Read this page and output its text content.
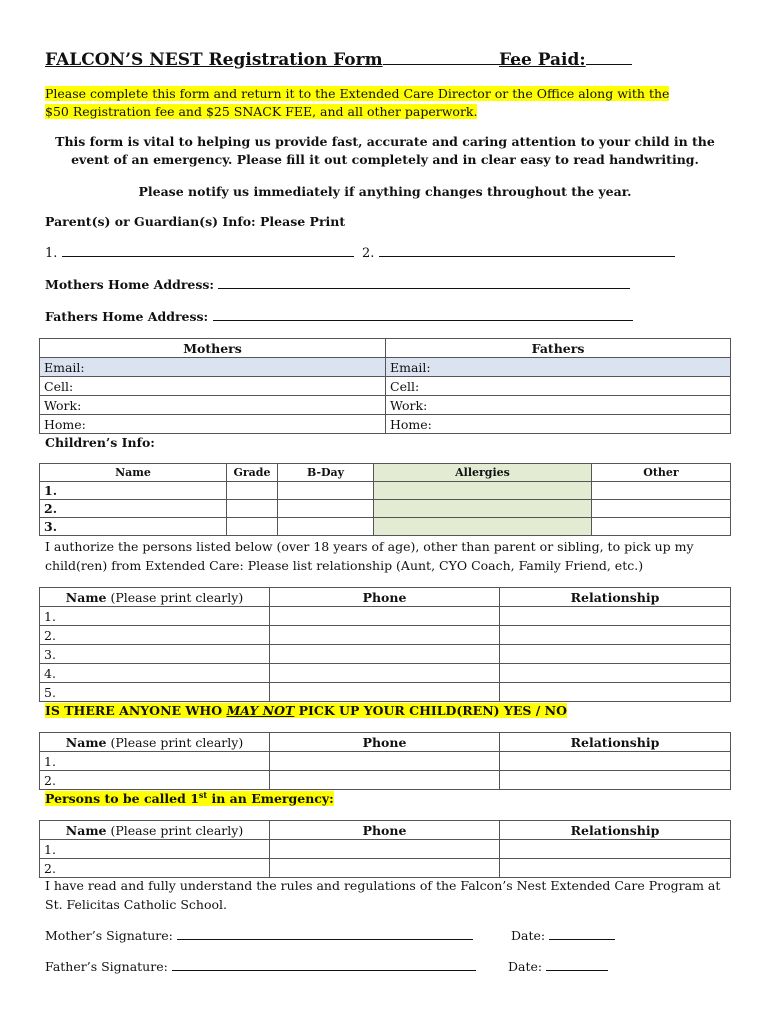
FALCON’S NEST Registration Form	Fee Paid:
Please complete this form and return it to the Extended Care Director or the Office along with the
$50 Registration fee and $25 SNACK FEE, and all other paperwork.
This form is vital to helping us provide fast, accurate and caring attention to your child in the
event of an emergency. Please fill it out completely and in clear easy to read handwriting.
Please notify us immediately if anything changes throughout the year.
Parent(s) or Guardian(s) Info: Please Print
1.	2.
Mothers Home Address:
Fathers Home Address:
Mothers	Fathers
Email:	Email:
Cell:	Cell:
Work:	Work:
Home:	Home:
Children’s Info:
Name	Grade	B-Day	Allergies	Other
1.				
2.				
3.				
I authorize the persons listed below (over 18 years of age), other than parent or sibling, to pick up my
child(ren) from Extended Care: Please list relationship (Aunt, CYO Coach, Family Friend, etc.)
Name (Please print clearly)	Phone	Relationship
1.		
2.		
3.		
4.		
5.		
IS THERE ANYONE WHO MAY NOT PICK UP YOUR CHILD(REN) YES / NO
Name (Please print clearly)	Phone	Relationship
1.		
2.		
Persons to be called 1st in an Emergency:
Name (Please print clearly)	Phone	Relationship
1.		
2.		
I have read and fully understand the rules and regulations of the Falcon’s Nest Extended Care Program at
St. Felicitas Catholic School.
Mother’s Signature:	Date:
Father’s Signature:	Date:
